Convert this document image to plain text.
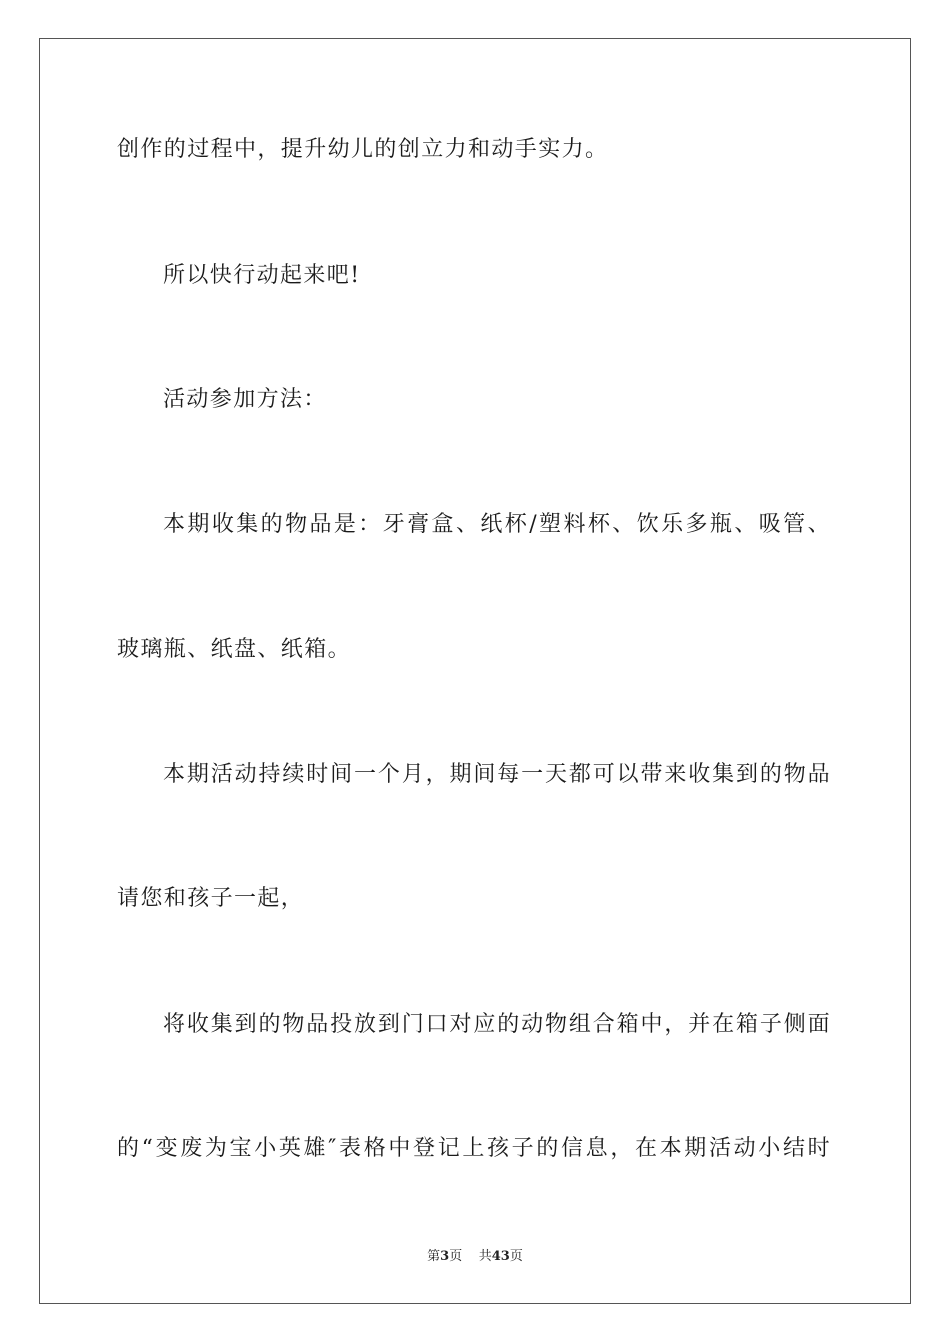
创作的过程中，提升幼儿的创立力和动手实力。
所以快行动起来吧!
活动参加方法：
本期收集的物品是：牙膏盒、纸杯/塑料杯、饮乐多瓶、吸管、
玻璃瓶、纸盘、纸箱。
本期活动持续时间一个月，期间每一天都可以带来收集到的物品
请您和孩子一起，
将收集到的物品投放到门口对应的动物组合箱中，并在箱子侧面
的“变废为宝小英雄″表格中登记上孩子的信息，在本期活动小结时
第3页 共43页
